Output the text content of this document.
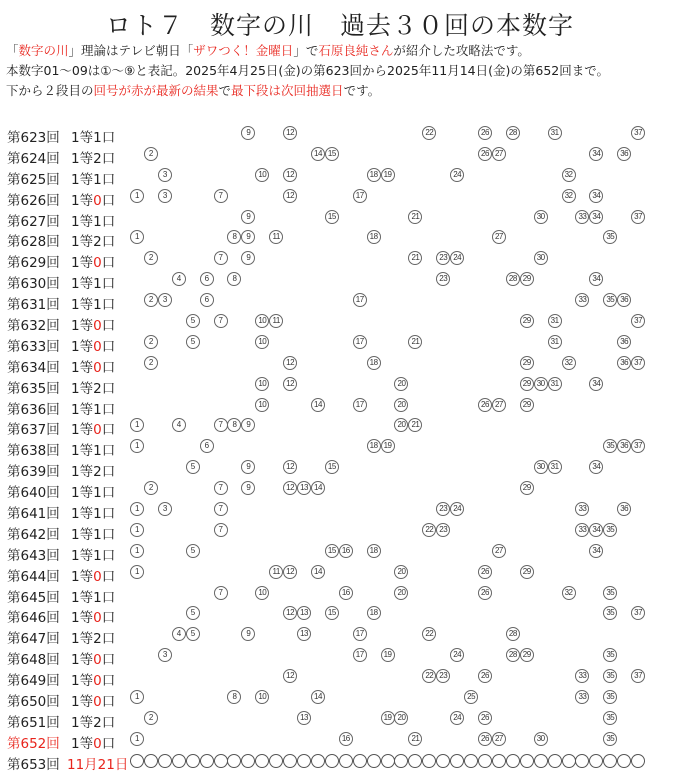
ロト７　数字の川　過去３０回の本数字
「数字の川」理論はテレビ朝日「ザワつく！金曜日」で石原良純さんが紹介した攻略法です。
本数字01～09は①～⑨と表記。2025年4月25日(金)の第623回から2025年11月14日(金)の第652回まで。
下から２段目の回号が赤が最新の結果で最下段は次回抽選日です。
第623回 1等1口	9	12	22	26	28	31	37
第624回 1等2口	2	14 15	26 27	34	36
第625回 1等1口	3	10	12	18 19	24	32
第626回 1等0口	1	3	7	12	17	32	34
第627回 1等1口	9	15	21	30	33 34	37
第628回 1等2口	1	8	9	11	18	27	35
第629回 1等0口	2	7	9	21	23 24	30
第630回 1等1口	4	6	8	23	28 29	34
第631回 1等1口	2	3	6	17	33	35 36
第632回 1等0口	5	7	10 11	29	31	37
第633回 1等0口	2	5	10	17	21	31	36
第634回 1等0口	2	12	18	29	32	36 37
第635回 1等2口	10	12	20	29 30 31	34
第636回 1等1口	10	14	17	20	26 27	29
第637回 1等0口	1	4	7	8	9	20 21
第638回 1等1口	1	6	18 19	35 36 37
第639回 1等2口	5	9	12	15	30 31	34
第640回 1等1口	2	7	9	12 13 14	29
第641回 1等1口	1	3	7	23 24	33	36
第642回 1等1口	1	7	22 23	33 34 35
第643回 1等1口	1	5	15 16	18	27	34
第644回 1等0口	1	11 12	14	20	26	29
第645回 1等1口	7	10	16	20	26	32	35
第646回 1等0口	5	12 13	15	18	35	37
第647回 1等2口	4	5	9	13	17	22	28
第648回 1等0口	3	17	19	24	28 29	35
第649回 1等0口	12	22 23	26	33	35	37
第650回 1等0口	1	8	10	14	25	33	35
第651回 1等2口	2	13	19 20	24	26	35
第652回 1等0口	1	16	21	26 27	30	35
第653回 11月21日
